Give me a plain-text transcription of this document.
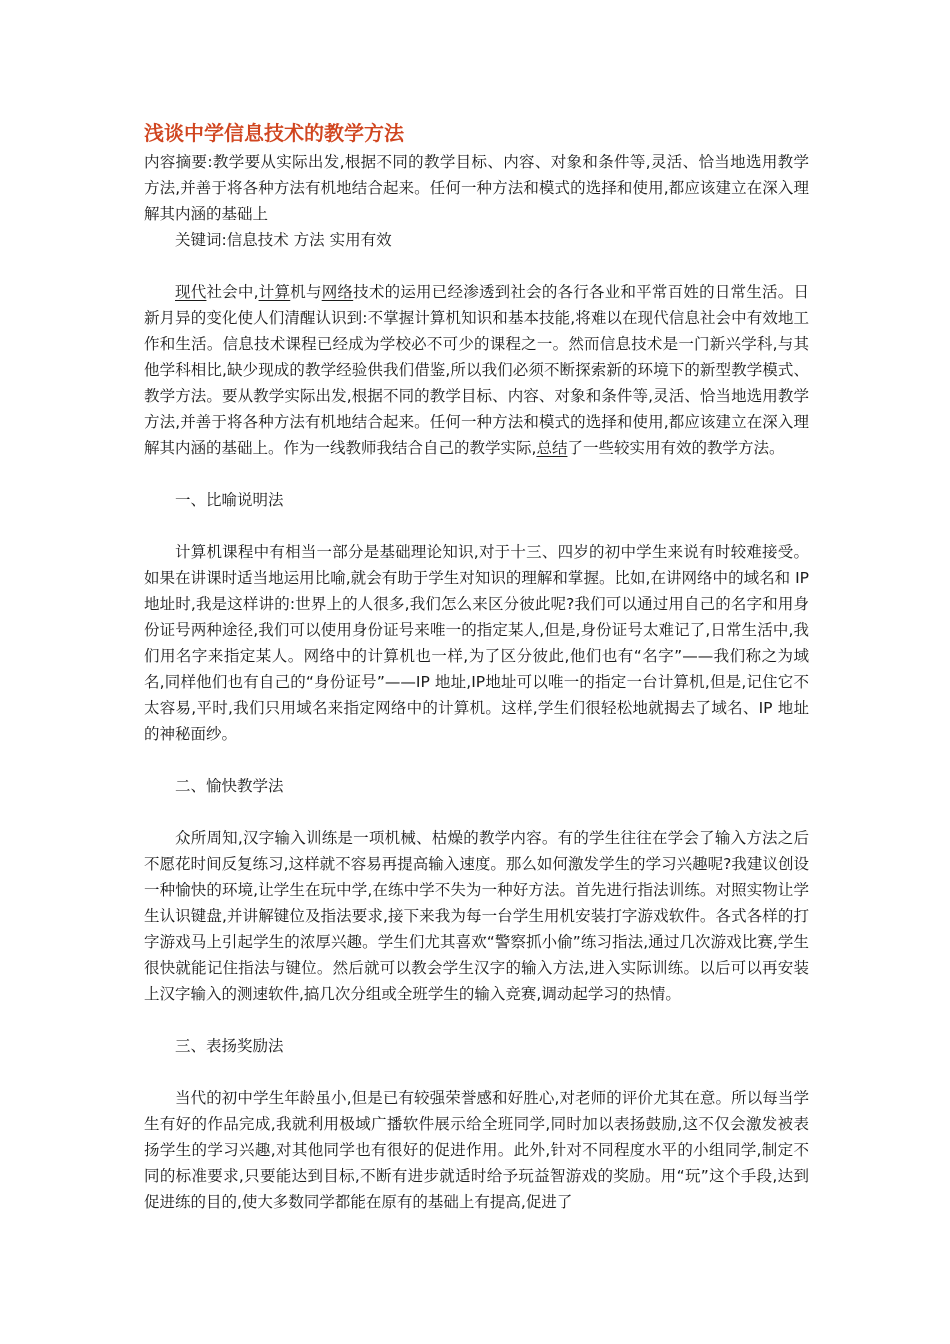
浅谈中学信息技术的教学方法

内容摘要:教学要从实际出发,根据不同的教学目标、内容、对象和条件等,灵活、恰当地选用教学方法,并善于将各种方法有机地结合起来。任何一种方法和模式的选择和使用,都应该建立在深入理解其内涵的基础上

关键词:信息技术 方法 实用有效

现代社会中,计算机与网络技术的运用已经渗透到社会的各行各业和平常百姓的日常生活。日新月异的变化使人们清醒认识到:不掌握计算机知识和基本技能,将难以在现代信息社会中有效地工作和生活。信息技术课程已经成为学校必不可少的课程之一。然而信息技术是一门新兴学科,与其他学科相比,缺少现成的教学经验供我们借鉴,所以我们必须不断探索新的环境下的新型教学模式、教学方法。要从教学实际出发,根据不同的教学目标、内容、对象和条件等,灵活、恰当地选用教学方法,并善于将各种方法有机地结合起来。任何一种方法和模式的选择和使用,都应该建立在深入理解其内涵的基础上。作为一线教师我结合自己的教学实际,总结了一些较实用有效的教学方法。

一、比喻说明法

计算机课程中有相当一部分是基础理论知识,对于十三、四岁的初中学生来说有时较难接受。如果在讲课时适当地运用比喻,就会有助于学生对知识的理解和掌握。比如,在讲网络中的域名和 IP 地址时,我是这样讲的:世界上的人很多,我们怎么来区分彼此呢?我们可以通过用自己的名字和用身份证号两种途径,我们可以使用身份证号来唯一的指定某人,但是,身份证号太难记了,日常生活中,我们用名字来指定某人。网络中的计算机也一样,为了区分彼此,他们也有“名字”——我们称之为域名,同样他们也有自己的“身份证号”——IP 地址,IP地址可以唯一的指定一台计算机,但是,记住它不太容易,平时,我们只用域名来指定网络中的计算机。这样,学生们很轻松地就揭去了域名、IP 地址的神秘面纱。

二、愉快教学法

众所周知,汉字输入训练是一项机械、枯燥的教学内容。有的学生往往在学会了输入方法之后不愿花时间反复练习,这样就不容易再提高输入速度。那么如何激发学生的学习兴趣呢?我建议创设一种愉快的环境,让学生在玩中学,在练中学不失为一种好方法。首先进行指法训练。对照实物让学生认识键盘,并讲解键位及指法要求,接下来我为每一台学生用机安装打字游戏软件。各式各样的打字游戏马上引起学生的浓厚兴趣。学生们尤其喜欢“警察抓小偷”练习指法,通过几次游戏比赛,学生很快就能记住指法与键位。然后就可以教会学生汉字的输入方法,进入实际训练。以后可以再安装上汉字输入的测速软件,搞几次分组或全班学生的输入竞赛,调动起学习的热情。

三、表扬奖励法

当代的初中学生年龄虽小,但是已有较强荣誉感和好胜心,对老师的评价尤其在意。所以每当学生有好的作品完成,我就利用极域广播软件展示给全班同学,同时加以表扬鼓励,这不仅会激发被表扬学生的学习兴趣,对其他同学也有很好的促进作用。此外,针对不同程度水平的小组同学,制定不同的标准要求,只要能达到目标,不断有进步就适时给予玩益智游戏的奖励。用“玩”这个手段,达到促进练的目的,使大多数同学都能在原有的基础上有提高,促进了
